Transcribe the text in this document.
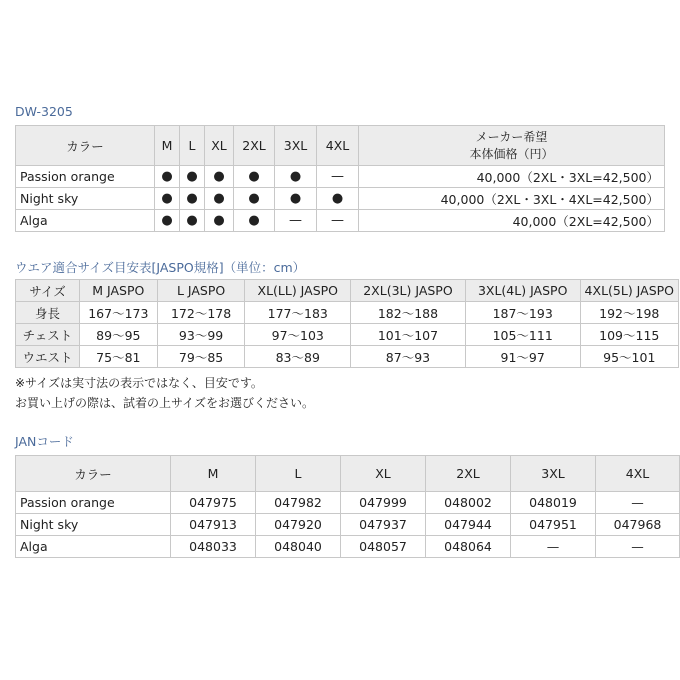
DW-3205
カラー	M	L	XL	2XL	3XL	4XL	メーカー希望
本体価格（円）

Passion orange	●	●	●	●	●	—	40,000（2XL・3XL=42,500）
Night sky	●	●	●	●	●	●	40,000（2XL・3XL・4XL=42,500）
Alga	●	●	●	●	—	—	40,000（2XL=42,500）
ウエア適合サイズ目安表[JASPO規格]（単位：cm）
サイズ	M JASPO	L JASPO	XL(LL) JASPO	2XL(3L) JASPO	3XL(4L) JASPO	4XL(5L) JASPO
身長	167〜173	172〜178	177〜183	182〜188	187〜193	192〜198
チェスト	89〜95	93〜99	97〜103	101〜107	105〜111	109〜115
ウエスト	75〜81	79〜85	83〜89	87〜93	91〜97	95〜101
※サイズは実寸法の表示ではなく、目安です。
お買い上げの際は、試着の上サイズをお選びください。
JANコード
カラー	M	L	XL	2XL	3XL	4XL
Passion orange	047975	047982	047999	048002	048019	—
Night sky	047913	047920	047937	047944	047951	047968
Alga	048033	048040	048057	048064	—	—
